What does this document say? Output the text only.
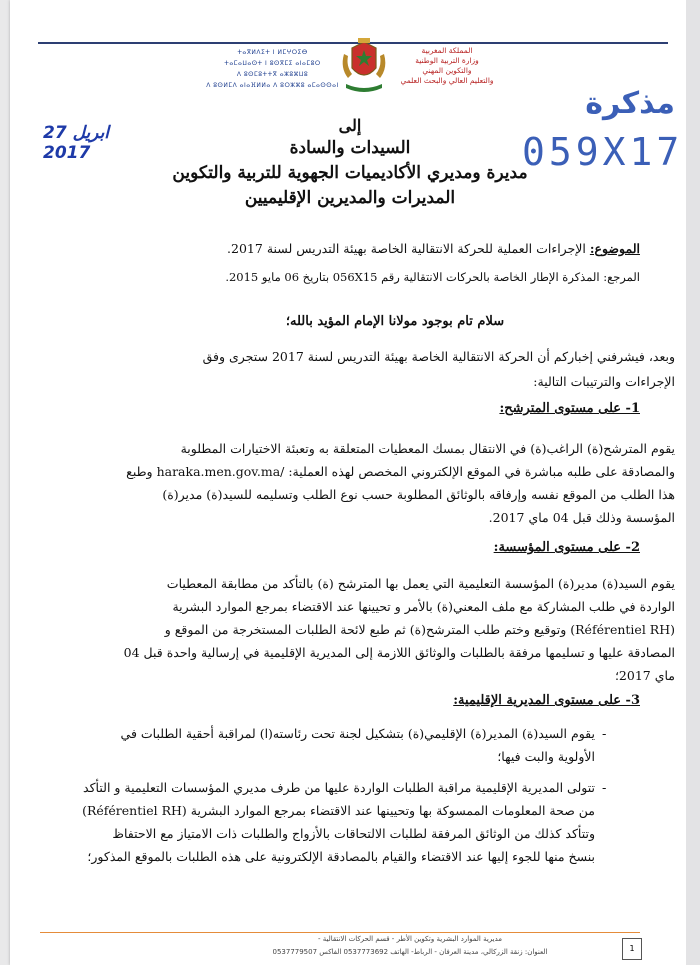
ⵜⴰⴳⵍⴷⵉⵜ ⵏ ⵍⵎⵖⵔⵉⴱ
ⵜⴰⵎⴰⵡⴰⵙⵜ ⵏ ⵓⵙⴳⵎⵉ ⴰⵏⴰⵎⵓⵔ
ⴷ ⵓⵙⵎⵓⵜⵜⴳ ⴰⵣⵓⵣⵡⵓ
ⴷ ⵓⵙⵍⵎⴷ ⴰⵏⴰⴼⵍⵍⴰ ⴷ ⵓⵔⵣⵣⵓ ⴰⵎⴰⵙⵙⴰⵏ
المملكة المغربية
وزارة التربية الوطنية
والتكوين المهني
والتعليم العالي والبحث العلمي
مذكرة
059X17
27 ابريل 2017
إلى
السيدات والسادة
مديرة ومديري الأكاديميات الجهوية للتربية والتكوين
المديرات والمديرين الإقليميين
الموضوع: الإجراءات العملية للحركة الانتقالية الخاصة بهيئة التدريس لسنة 2017.
المرجع: المذكرة الإطار الخاصة بالحركات الانتقالية رقم 056X15 بتاريخ 06 مايو 2015.
سلام تام بوجود مولانا الإمام المؤيد بالله؛
وبعد، فيشرفني إخباركم أن الحركة الانتقالية الخاصة بهيئة التدريس لسنة 2017 ستجرى وفق
الإجراءات والترتيبات التالية:
1- على مستوى المترشح:
يقوم المترشح(ة) الراغب(ة) في الانتقال بمسك المعطيات المتعلقة به وتعبئة الاختيارات المطلوبة
والمصادقة على طلبه مباشرة في الموقع الإلكتروني المخصص لهذه العملية: /haraka.men.gov.ma وطبع
هذا الطلب من الموقع نفسه وإرفاقه بالوثائق المطلوبة حسب نوع الطلب وتسليمه للسيد(ة) مدير(ة)
المؤسسة وذلك قبل 04 ماي 2017.
2- على مستوى المؤسسة:
يقوم السيد(ة) مدير(ة) المؤسسة التعليمية التي يعمل بها المترشح (ة) بالتأكد من مطابقة المعطيات
الواردة في طلب المشاركة مع ملف المعني(ة) بالأمر و تحيينها عند الاقتضاء بمرجع الموارد البشرية
(Référentiel RH) وتوقيع وختم طلب المترشح(ة) ثم طبع لائحة الطلبات المستخرجة من الموقع و
المصادقة عليها و تسليمها مرفقة بالطلبات والوثائق اللازمة إلى المديرية الإقليمية في إرسالية واحدة قبل 04
ماي 2017؛
3- على مستوى المديرية الإقليمية:
-
يقوم السيد(ة) المدير(ة) الإقليمي(ة) بتشكيل لجنة تحت رئاسته(ا) لمراقبة أحقية الطلبات في
الأولوية والبت فيها؛
-
تتولى المديرية الإقليمية مراقبة الطلبات الواردة عليها من طرف مديري المؤسسات التعليمية و التأكد
من صحة المعلومات الممسوكة بها وتحيينها عند الاقتضاء بمرجع الموارد البشرية (Référentiel RH)
وتتأكد كذلك من الوثائق المرفقة لطلبات الالتحاقات بالأزواج والطلبات ذات الامتياز مع الاحتفاظ
بنسخ منها للجوء إليها عند الاقتضاء والقيام بالمصادقة الإلكترونية على هذه الطلبات بالموقع المذكور؛
مديرية الموارد البشرية وتكوين الأطر - قسم الحركات الانتقالية -
العنوان: زنقة الزركالي، مدينة العرفان - الرباط- الهاتف 0537773692 الفاكس 0537779507	1
